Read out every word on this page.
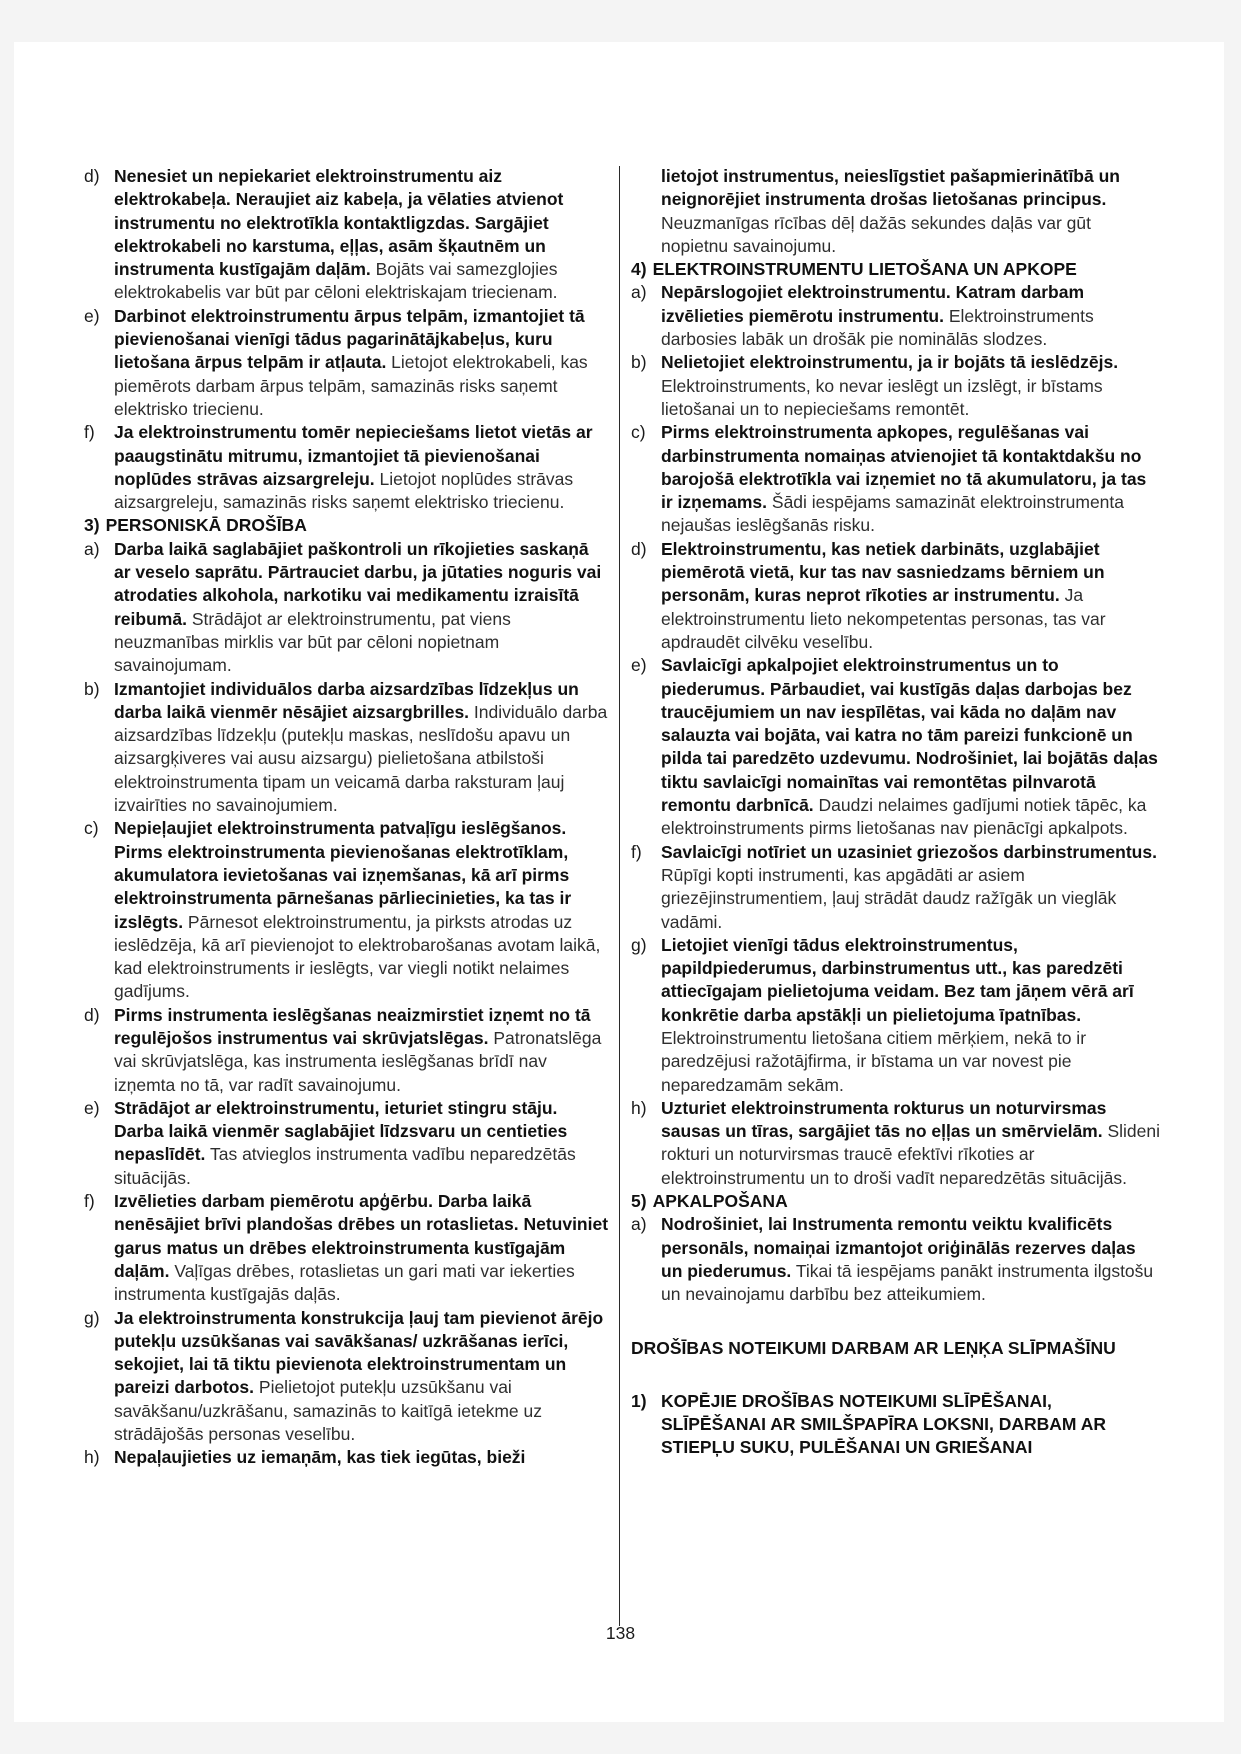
d) Nenesiet un nepiekariet elektroinstrumentu aiz elektrokabeļa. Neraujiet aiz kabeļa, ja vēlaties atvienot instrumentu no elektrotīkla kontaktligzdas. Sargājiet elektrokabeli no karstuma, eļļas, asām šķautnēm un instrumenta kustīgajām daļām. Bojāts vai samezglojies elektrokabelis var būt par cēloni elektriskajam triecienam.
e) Darbinot elektroinstrumentu ārpus telpām, izmantojiet tā pievienošanai vienīgi tādus pagarinātājkabeļus, kuru lietošana ārpus telpām ir atļauta. Lietojot elektrokabeli, kas piemērots darbam ārpus telpām, samazinās risks saņemt elektrisko triecienu.
f) Ja elektroinstrumentu tomēr nepieciešams lietot vietās ar paaugstinātu mitrumu, izmantojiet tā pievienošanai noplūdes strāvas aizsargreleju. Lietojot noplūdes strāvas aizsargreleju, samazinās risks saņemt elektrisko triecienu.
3) PERSONISKĀ DROŠĪBA
a) Darba laikā saglabājiet paškontroli un rīkojieties saskaņā ar veselo saprātu. Pārtrauciet darbu, ja jūtaties noguris vai atrodaties alkohola, narkotiku vai medikamentu izraisītā reibumā. Strādājot ar elektroinstrumentu, pat viens neuzmanības mirklis var būt par cēloni nopietnam savainojumam.
b) Izmantojiet individuālos darba aizsardzības līdzekļus un darba laikā vienmēr nēsājiet aizsargbrilles. Individuālo darba aizsardzības līdzekļu (putekļu maskas, neslīdošu apavu un aizsargķiveres vai ausu aizsargu) pielietošana atbilstoši elektroinstrumenta tipam un veicamā darba raksturam ļauj izvairīties no savainojumiem.
c) Nepieļaujiet elektroinstrumenta patvaļīgu ieslēgšanos. Pirms elektroinstrumenta pievienošanas elektrotīklam, akumulatora ievietošanas vai izņemšanas, kā arī pirms elektroinstrumenta pārnešanas pārliecinieties, ka tas ir izslēgts. Pārnesot elektroinstrumentu, ja pirksts atrodas uz ieslēdzēja, kā arī pievienojot to elektrobarošanas avotam laikā, kad elektroinstruments ir ieslēgts, var viegli notikt nelaimes gadījums.
d) Pirms instrumenta ieslēgšanas neaizmirstiet izņemt no tā regulējošos instrumentus vai skrūvjatslēgas. Patronatslēga vai skrūvjatslēga, kas instrumenta ieslēgšanas brīdī nav izņemta no tā, var radīt savainojumu.
e) Strādājot ar elektroinstrumentu, ieturiet stingru stāju. Darba laikā vienmēr saglabājiet līdzsvaru un centieties nepaslīdēt. Tas atvieglos instrumenta vadību neparedzētās situācijās.
f) Izvēlieties darbam piemērotu apģērbu. Darba laikā nenēsājiet brīvi plandošas drēbes un rotaslietas. Netuviniet garus matus un drēbes elektroinstrumenta kustīgajām daļām. Vaļīgas drēbes, rotaslietas un gari mati var iekerties instrumenta kustīgajās daļās.
g) Ja elektroinstrumenta konstrukcija ļauj tam pievienot ārējo putekļu uzsūkšanas vai savākšanas/ uzkrāšanas ierīci, sekojiet, lai tā tiktu pievienota elektroinstrumentam un pareizi darbotos. Pielietojot putekļu uzsūkšanu vai savākšanu/uzkrāšanu, samazinās to kaitīgā ietekme uz strādājošās personas veselību.
h) Nepaļaujieties uz iemaņām, kas tiek iegūtas, bieži
lietojot instrumentus, neieslīgstiet pašapmierinātībā un neignorējiet instrumenta drošas lietošanas principus. Neuzmanīgas rīcības dēļ dažās sekundes daļās var gūt nopietnu savainojumu.
4) ELEKTROINSTRUMENTU LIETOŠANA UN APKOPE
a) Nepārslogojiet elektroinstrumentu. Katram darbam izvēlieties piemērotu instrumentu. Elektroinstruments darbosies labāk un drošāk pie nominālās slodzes.
b) Nelietojiet elektroinstrumentu, ja ir bojāts tā ieslēdzējs. Elektroinstruments, ko nevar ieslēgt un izslēgt, ir bīstams lietošanai un to nepieciešams remontēt.
c) Pirms elektroinstrumenta apkopes, regulēšanas vai darbinstrumenta nomaiņas atvienojiet tā kontaktdakšu no barojošā elektrotīkla vai izņemiet no tā akumulatoru, ja tas ir izņemams. Šādi iespējams samazināt elektroinstrumenta nejaušas ieslēgšanās risku.
d) Elektroinstrumentu, kas netiek darbināts, uzglabājiet piemērotā vietā, kur tas nav sasniedzams bērniem un personām, kuras neprot rīkoties ar instrumentu. Ja elektroinstrumentu lieto nekompetentas personas, tas var apdraudēt cilvēku veselību.
e) Savlaicīgi apkalpojiet elektroinstrumentus un to piederumus. Pārbaudiet, vai kustīgās daļas darbojas bez traucējumiem un nav iespīlētas, vai kāda no daļām nav salauzta vai bojāta, vai katra no tām pareizi funkcionē un pilda tai paredzēto uzdevumu. Nodrošiniet, lai bojātās daļas tiktu savlaicīgi nomainītas vai remontētas pilnvarotā remontu darbnīcā. Daudzi nelaimes gadījumi notiek tāpēc, ka elektroinstruments pirms lietošanas nav pienācīgi apkalpots.
f) Savlaicīgi notīriet un uzasiniet griezošos darbinstrumentus. Rūpīgi kopti instrumenti, kas apgādāti ar asiem griezējinstrumentiem, ļauj strādāt daudz ražīgāk un vieglāk vadāmi.
g) Lietojiet vienīgi tādus elektroinstrumentus, papildpiederumus, darbinstrumentus utt., kas paredzēti attiecīgajam pielietojuma veidam. Bez tam jāņem vērā arī konkrētie darba apstākļi un pielietojuma īpatnības. Elektroinstrumentu lietošana citiem mērķiem, nekā to ir paredzējusi ražotājfirma, ir bīstama un var novest pie neparedzamām sekām.
h) Uzturiet elektroinstrumenta rokturus un noturvirsmas sausas un tīras, sargājiet tās no eļļas un smērvielām. Slideni rokturi un noturvirsmas traucē efektīvi rīkoties ar elektroinstrumentu un to droši vadīt neparedzētās situācijās.
5) APKALPOŠANA
a) Nodrošiniet, lai Instrumenta remontu veiktu kvalificēts personāls, nomaiņai izmantojot oriģinālās rezerves daļas un piederumus. Tikai tā iespējams panākt instrumenta ilgstošu un nevainojamu darbību bez atteikumiem.
DROŠĪBAS NOTEIKUMI DARBAM AR LEŅĶA SLĪPMAŠĪNU
1) KOPĒJIE DROŠĪBAS NOTEIKUMI SLĪPĒŠANAI, SLĪPĒŠANAI AR SMILŠPAPĪRA LOKSNI, DARBAM AR STIEPĻU SUKU, PULĒŠANAI UN GRIEŠANAI
138
